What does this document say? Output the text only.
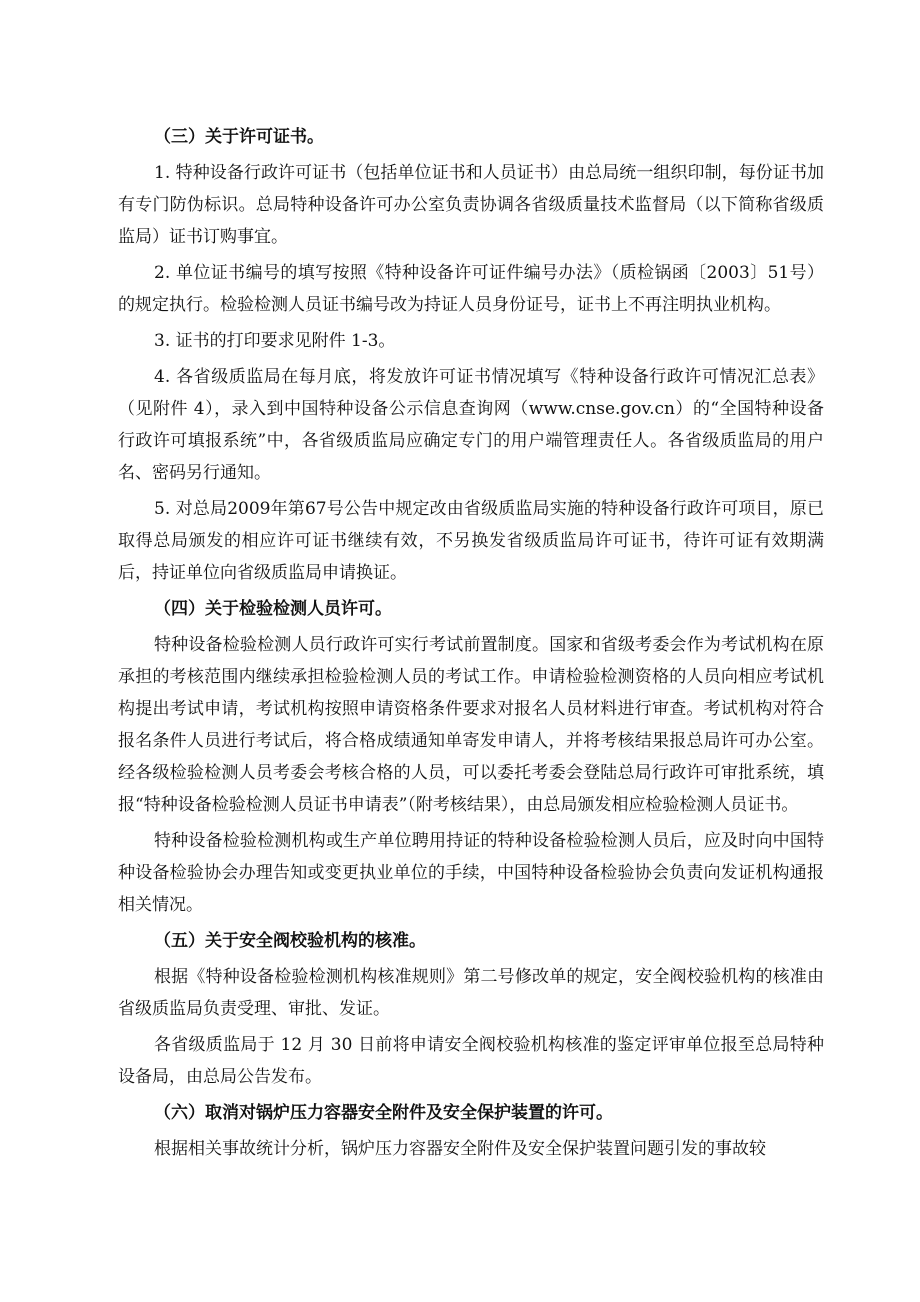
（三）关于许可证书。

1. 特种设备行政许可证书（包括单位证书和人员证书）由总局统一组织印制，每份证书加有专门防伪标识。总局特种设备许可办公室负责协调各省级质量技术监督局（以下简称省级质监局）证书订购事宜。

2. 单位证书编号的填写按照《特种设备许可证件编号办法》（质检锅函〔2003〕51号）的规定执行。检验检测人员证书编号改为持证人员身份证号，证书上不再注明执业机构。

3. 证书的打印要求见附件 1-3。

4. 各省级质监局在每月底，将发放许可证书情况填写《特种设备行政许可情况汇总表》（见附件 4），录入到中国特种设备公示信息查询网（www.cnse.gov.cn）的“全国特种设备行政许可填报系统”中，各省级质监局应确定专门的用户端管理责任人。各省级质监局的用户名、密码另行通知。

5. 对总局2009年第67号公告中规定改由省级质监局实施的特种设备行政许可项目，原已取得总局颁发的相应许可证书继续有效，不另换发省级质监局许可证书，待许可证有效期满后，持证单位向省级质监局申请换证。

（四）关于检验检测人员许可。

特种设备检验检测人员行政许可实行考试前置制度。国家和省级考委会作为考试机构在原承担的考核范围内继续承担检验检测人员的考试工作。申请检验检测资格的人员向相应考试机构提出考试申请，考试机构按照申请资格条件要求对报名人员材料进行审查。考试机构对符合报名条件人员进行考试后，将合格成绩通知单寄发申请人，并将考核结果报总局许可办公室。经各级检验检测人员考委会考核合格的人员，可以委托考委会登陆总局行政许可审批系统，填报“特种设备检验检测人员证书申请表”（附考核结果），由总局颁发相应检验检测人员证书。

特种设备检验检测机构或生产单位聘用持证的特种设备检验检测人员后，应及时向中国特种设备检验协会办理告知或变更执业单位的手续，中国特种设备检验协会负责向发证机构通报相关情况。

（五）关于安全阀校验机构的核准。

根据《特种设备检验检测机构核准规则》第二号修改单的规定，安全阀校验机构的核准由省级质监局负责受理、审批、发证。

各省级质监局于 12 月 30 日前将申请安全阀校验机构核准的鉴定评审单位报至总局特种设备局，由总局公告发布。

（六）取消对锅炉压力容器安全附件及安全保护装置的许可。

根据相关事故统计分析，锅炉压力容器安全附件及安全保护装置问题引发的事故较
